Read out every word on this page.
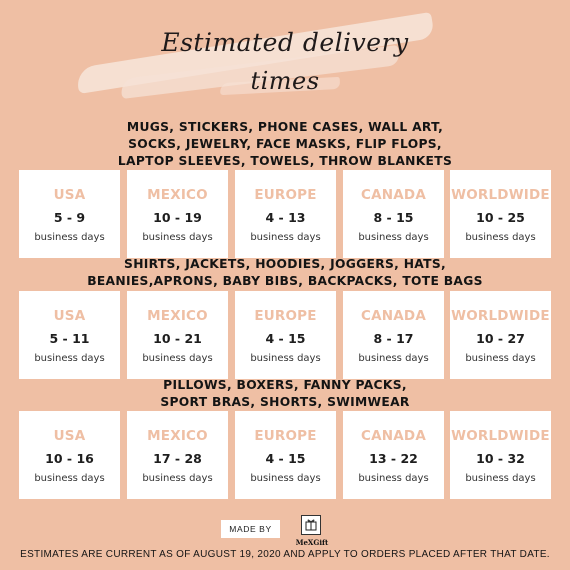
Estimated delivery
times
MUGS, STICKERS, PHONE CASES, WALL ART,
SOCKS, JEWELRY, FACE MASKS, FLIP FLOPS,
LAPTOP SLEEVES, TOWELS, THROW BLANKETS
USA
5 - 9
business days
MEXICO
10 - 19
business days
EUROPE
4 - 13
business days
CANADA
8 - 15
business days
WORLDWIDE
10 - 25
business days
SHIRTS, JACKETS, HOODIES, JOGGERS, HATS,
BEANIES,APRONS, BABY BIBS, BACKPACKS, TOTE BAGS
USA
5 - 11
business days
MEXICO
10 - 21
business days
EUROPE
4 - 15
business days
CANADA
8 - 17
business days
WORLDWIDE
10 - 27
business days
PILLOWS, BOXERS, FANNY PACKS,
SPORT BRAS, SHORTS, SWIMWEAR
USA
10 - 16
business days
MEXICO
17 - 28
business days
EUROPE
4 - 15
business days
CANADA
13 - 22
business days
WORLDWIDE
10 - 32
business days
MADE BY
MeXGift
ESTIMATES ARE CURRENT AS OF AUGUST 19, 2020 AND APPLY TO ORDERS PLACED AFTER THAT DATE.
